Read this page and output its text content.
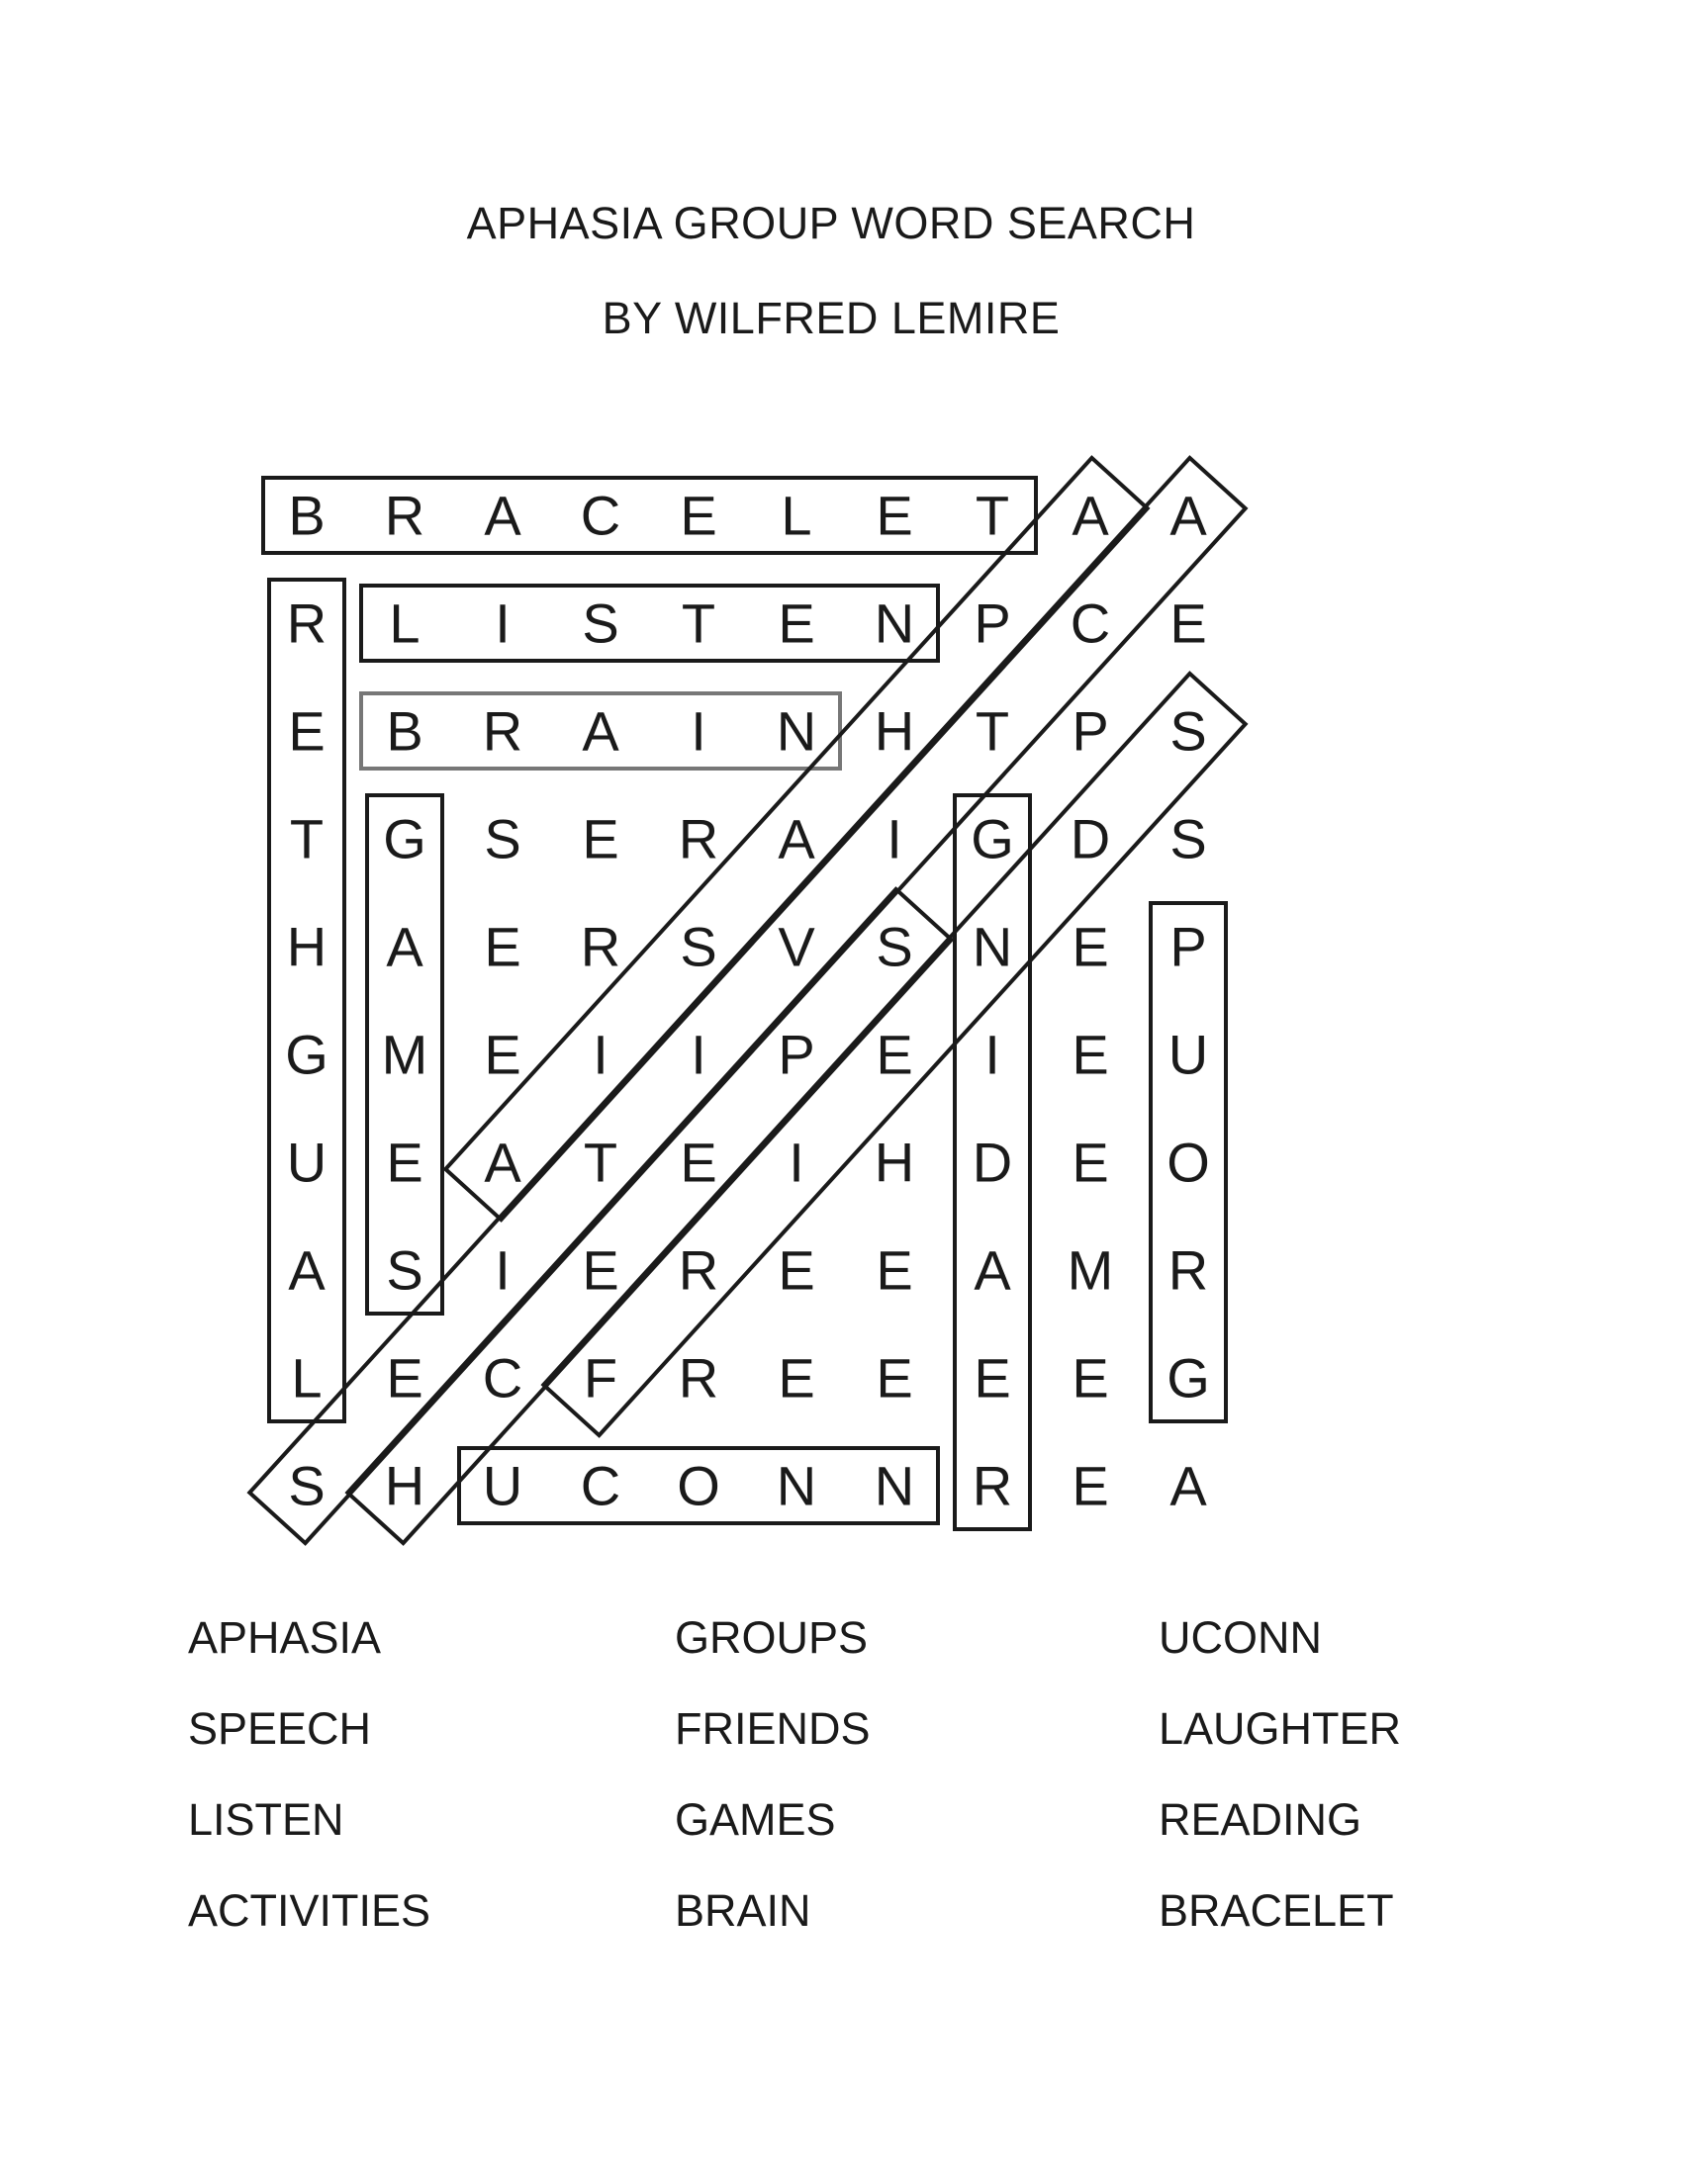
APHASIA GROUP WORD SEARCH
BY WILFRED LEMIRE
B R A C E L E T A A
R L I S T E N P C E
E B R A I N H T P S
T G S E R A I G D S
H A E R S V S N E P
G M E I I P E I E U
U E A T E I H D E O
A S I E R E E A M R
L E C F R E E E E G
S H U C O N N R E A
APHASIA
SPEECH
LISTEN
ACTIVITIES
GROUPS
FRIENDS
GAMES
BRAIN
UCONN
LAUGHTER
READING
BRACELET
